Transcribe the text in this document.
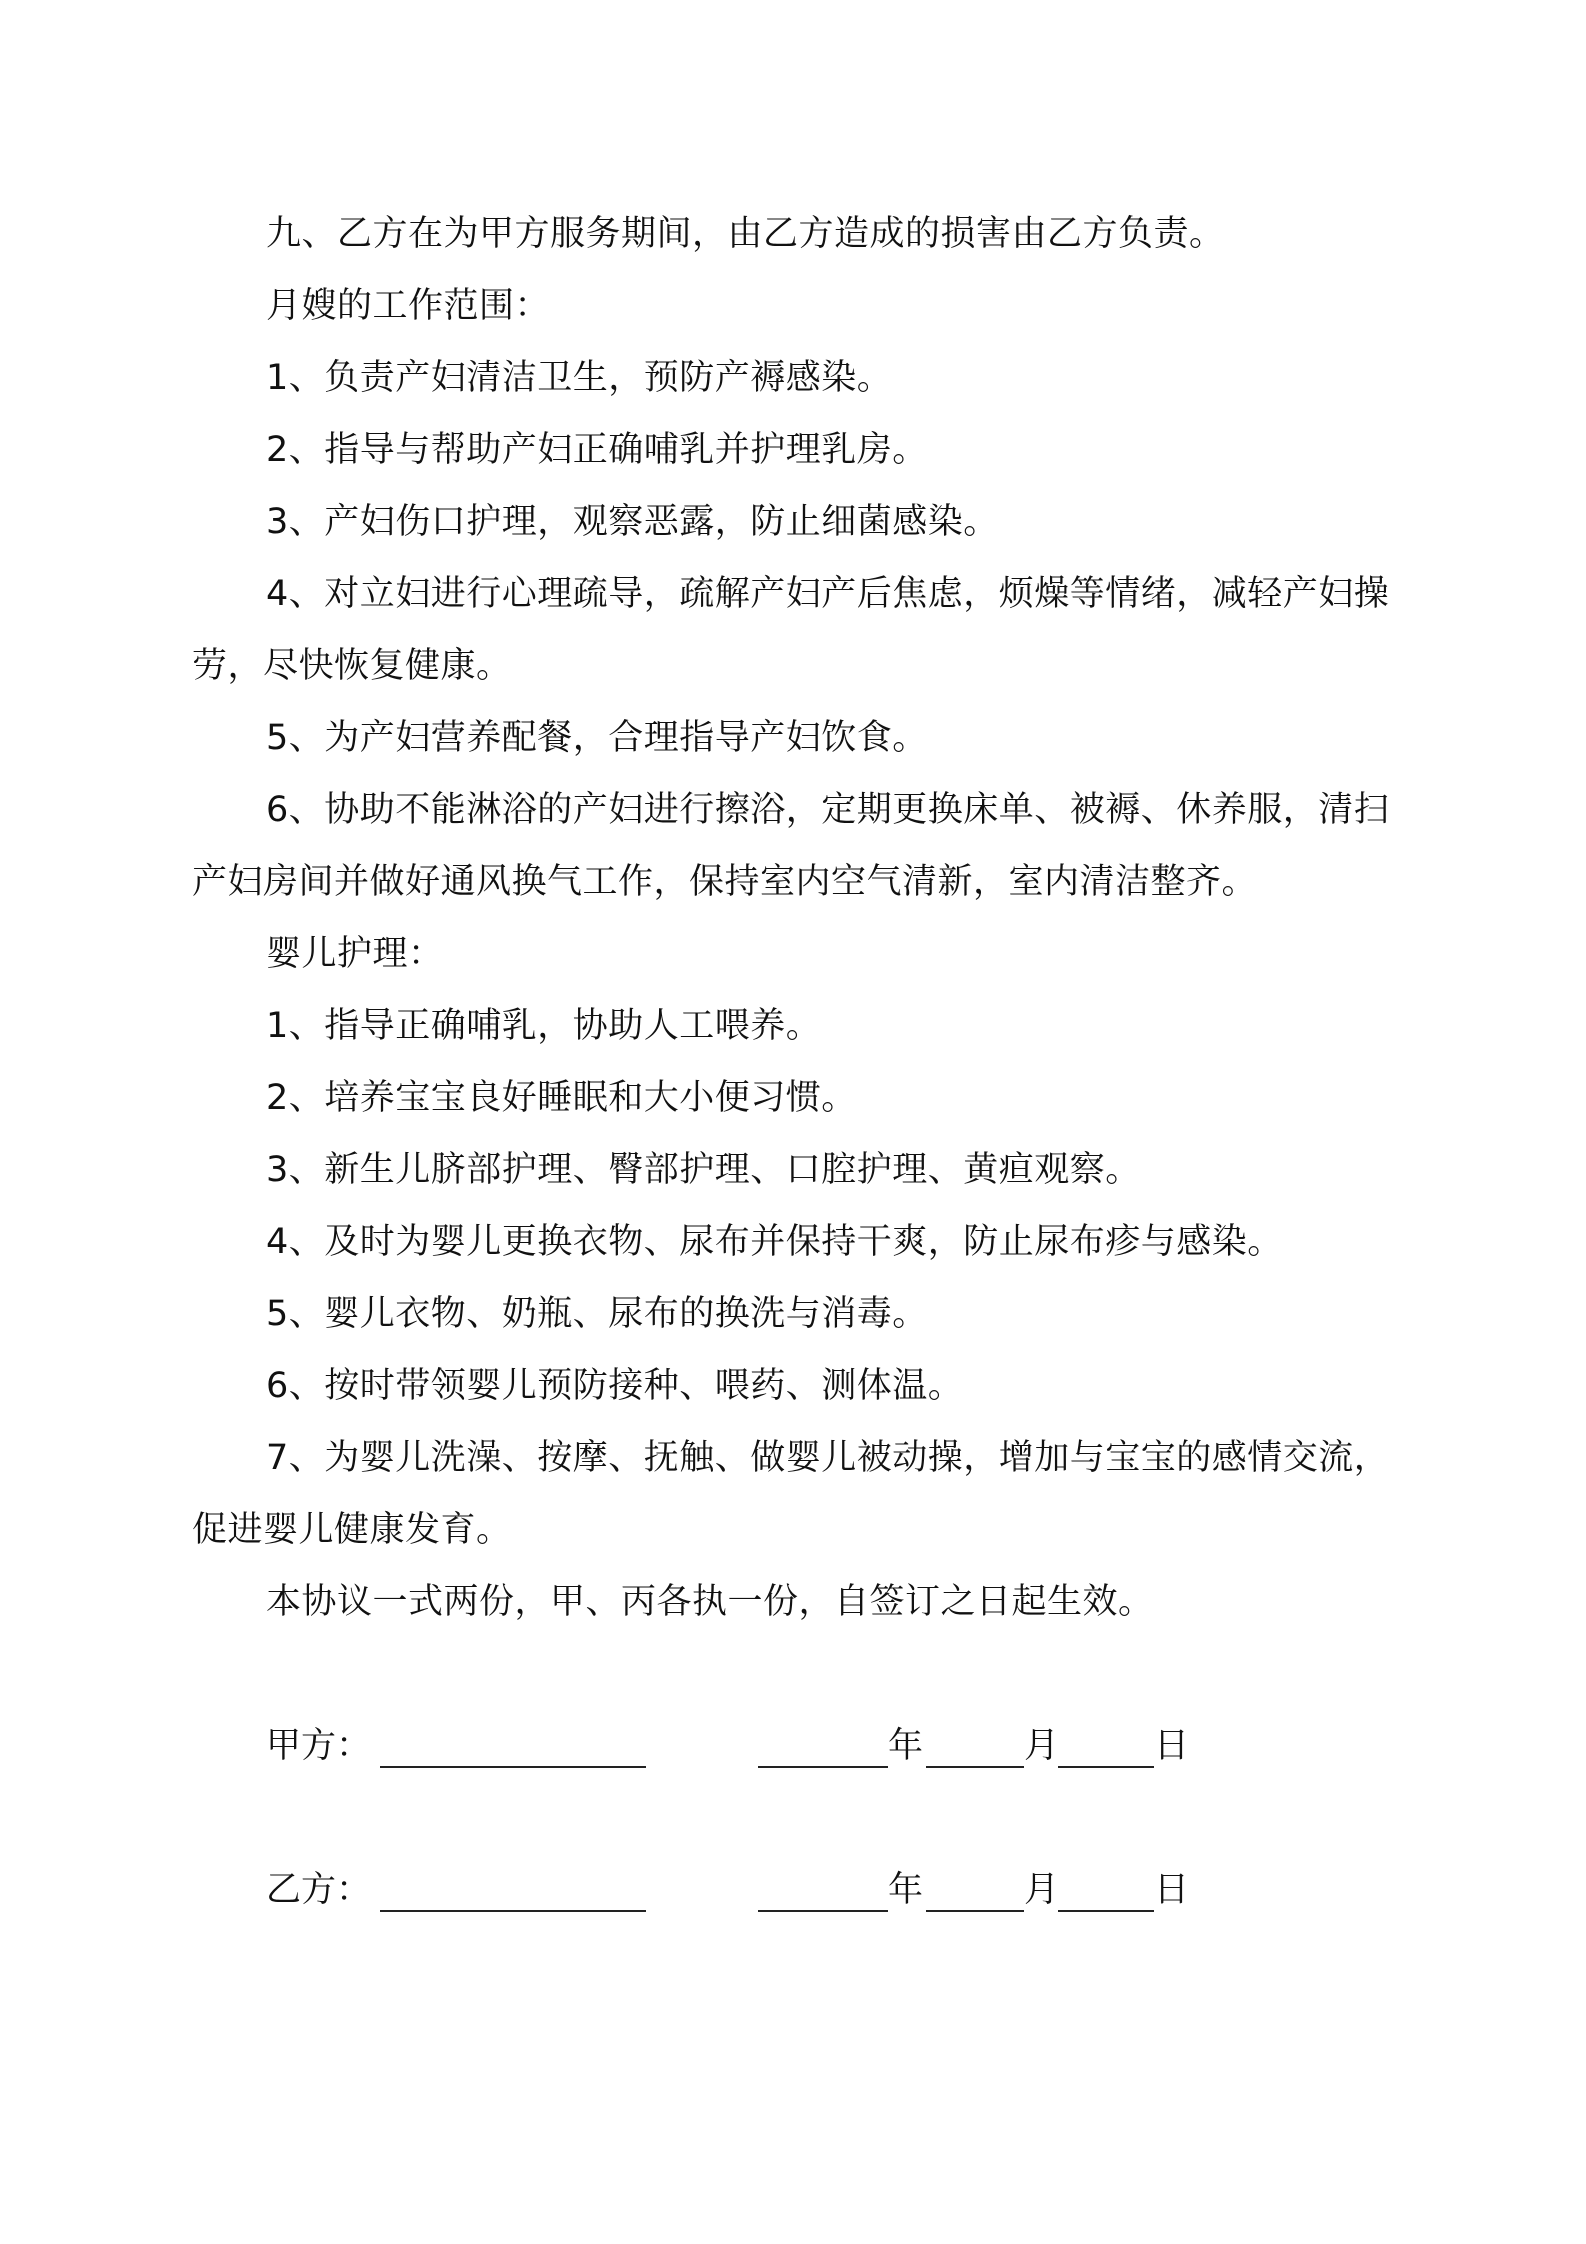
九、乙方在为甲方服务期间，由乙方造成的损害由乙方负责。

月嫂的工作范围：

1、负责产妇清洁卫生，预防产褥感染。

2、指导与帮助产妇正确哺乳并护理乳房。

3、产妇伤口护理，观察恶露，防止细菌感染。

4、对立妇进行心理疏导，疏解产妇产后焦虑，烦燥等情绪，减轻产妇操劳，尽快恢复健康。

5、为产妇营养配餐，合理指导产妇饮食。

6、协助不能淋浴的产妇进行擦浴，定期更换床单、被褥、休养服，清扫产妇房间并做好通风换气工作，保持室内空气清新，室内清洁整齐。

婴儿护理：

1、指导正确哺乳，协助人工喂养。

2、培养宝宝良好睡眠和大小便习惯。

3、新生儿脐部护理、臀部护理、口腔护理、黄疸观察。

4、及时为婴儿更换衣物、尿布并保持干爽，防止尿布疹与感染。

5、婴儿衣物、奶瓶、尿布的换洗与消毒。

6、按时带领婴儿预防接种、喂药、测体温。

7、为婴儿洗澡、按摩、抚触、做婴儿被动操，增加与宝宝的感情交流，促进婴儿健康发育。

本协议一式两份，甲、丙各执一份，自签订之日起生效。

甲方：	年	月	日
乙方：	年	月	日
